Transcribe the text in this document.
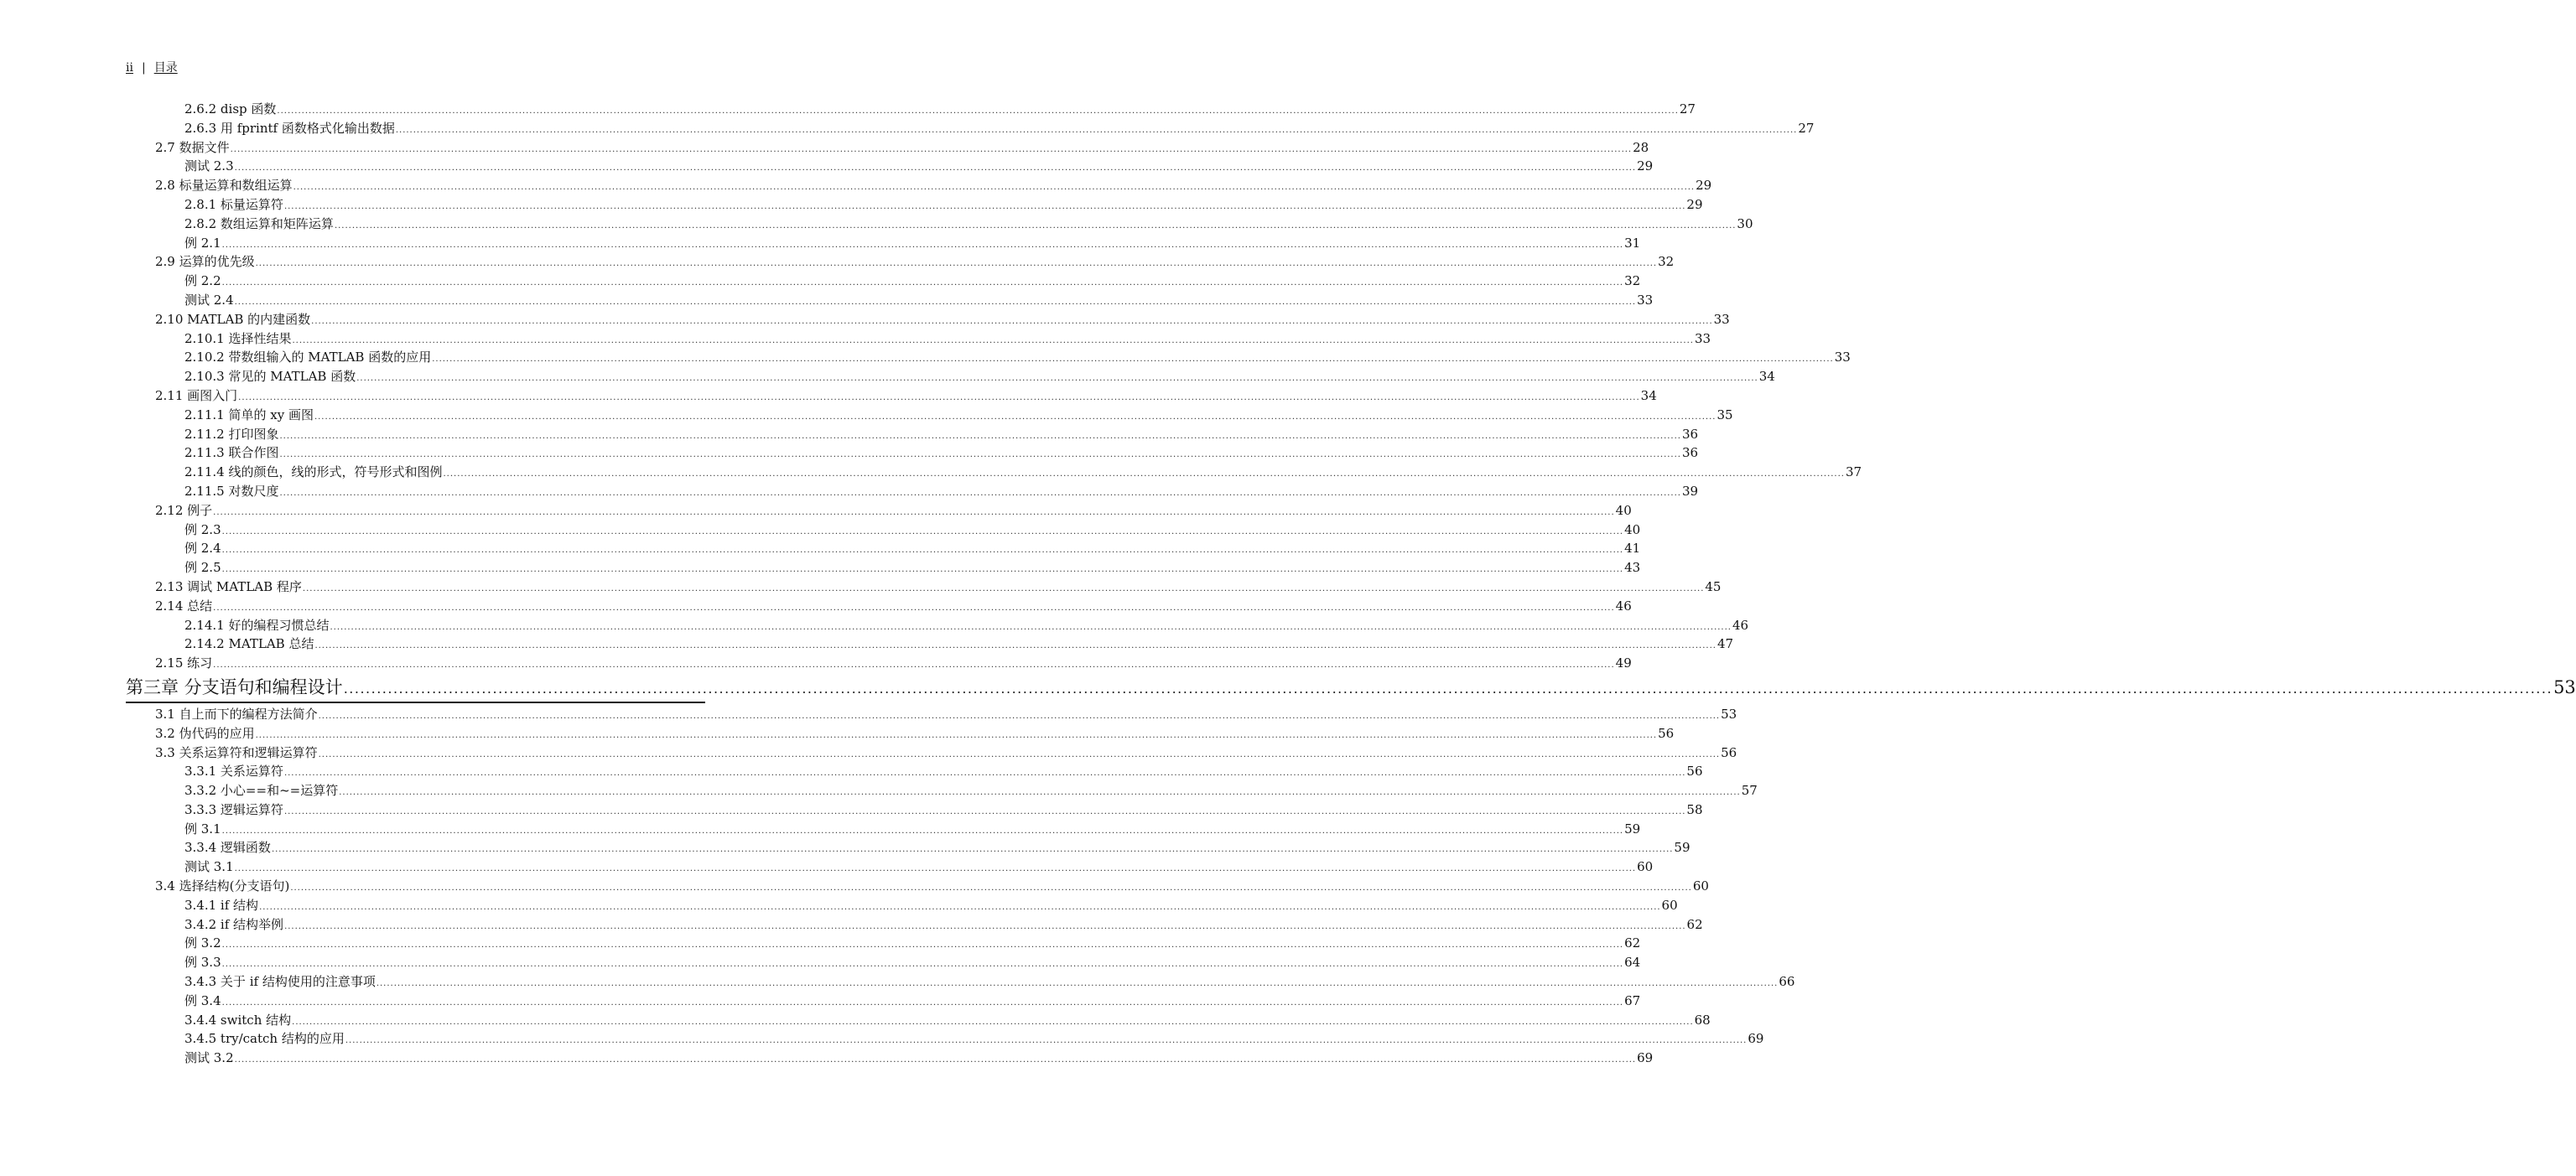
ii | 目录
2.6.2 disp 函数 ................................................................................................................................................................................................................................................................................................................................................................................................................ 27
2.6.3 用 fprintf 函数格式化输出数据 ................................................................................................................................................................................................................................................................................................................................................................................................................ 27
2.7 数据文件 ................................................................................................................................................................................................................................................................................................................................................................................................................ 28
测试 2.3 ................................................................................................................................................................................................................................................................................................................................................................................................................ 29
2.8 标量运算和数组运算 ................................................................................................................................................................................................................................................................................................................................................................................................................ 29
2.8.1 标量运算符 ................................................................................................................................................................................................................................................................................................................................................................................................................ 29
2.8.2 数组运算和矩阵运算 ................................................................................................................................................................................................................................................................................................................................................................................................................ 30
例 2.1 ................................................................................................................................................................................................................................................................................................................................................................................................................ 31
2.9 运算的优先级 ................................................................................................................................................................................................................................................................................................................................................................................................................ 32
例 2.2 ................................................................................................................................................................................................................................................................................................................................................................................................................ 32
测试 2.4 ................................................................................................................................................................................................................................................................................................................................................................................................................ 33
2.10 MATLAB 的内建函数 ................................................................................................................................................................................................................................................................................................................................................................................................................ 33
2.10.1 选择性结果 ................................................................................................................................................................................................................................................................................................................................................................................................................ 33
2.10.2 带数组输入的 MATLAB 函数的应用 ................................................................................................................................................................................................................................................................................................................................................................................................................ 33
2.10.3 常见的 MATLAB 函数 ................................................................................................................................................................................................................................................................................................................................................................................................................ 34
2.11 画图入门 ................................................................................................................................................................................................................................................................................................................................................................................................................ 34
2.11.1 简单的 xy 画图 ................................................................................................................................................................................................................................................................................................................................................................................................................ 35
2.11.2 打印图象 ................................................................................................................................................................................................................................................................................................................................................................................................................ 36
2.11.3 联合作图 ................................................................................................................................................................................................................................................................................................................................................................................................................ 36
2.11.4 线的颜色，线的形式，符号形式和图例 ................................................................................................................................................................................................................................................................................................................................................................................................................ 37
2.11.5 对数尺度 ................................................................................................................................................................................................................................................................................................................................................................................................................ 39
2.12 例子 ................................................................................................................................................................................................................................................................................................................................................................................................................ 40
例 2.3 ................................................................................................................................................................................................................................................................................................................................................................................................................ 40
例 2.4 ................................................................................................................................................................................................................................................................................................................................................................................................................ 41
例 2.5 ................................................................................................................................................................................................................................................................................................................................................................................................................ 43
2.13 调试 MATLAB 程序 ................................................................................................................................................................................................................................................................................................................................................................................................................ 45
2.14 总结 ................................................................................................................................................................................................................................................................................................................................................................................................................ 46
2.14.1 好的编程习惯总结 ................................................................................................................................................................................................................................................................................................................................................................................................................ 46
2.14.2 MATLAB 总结 ................................................................................................................................................................................................................................................................................................................................................................................................................ 47
2.15 练习 ................................................................................................................................................................................................................................................................................................................................................................................................................ 49
第三章 分支语句和编程设计 ................................................................................................................................................................................................................................................................................................................................................................................................................ 53
3.1 自上而下的编程方法简介 ................................................................................................................................................................................................................................................................................................................................................................................................................ 53
3.2 伪代码的应用 ................................................................................................................................................................................................................................................................................................................................................................................................................ 56
3.3 关系运算符和逻辑运算符 ................................................................................................................................................................................................................................................................................................................................................................................................................ 56
3.3.1 关系运算符 ................................................................................................................................................................................................................................................................................................................................................................................................................ 56
3.3.2 小心==和~=运算符 ................................................................................................................................................................................................................................................................................................................................................................................................................ 57
3.3.3 逻辑运算符 ................................................................................................................................................................................................................................................................................................................................................................................................................ 58
例 3.1 ................................................................................................................................................................................................................................................................................................................................................................................................................ 59
3.3.4 逻辑函数 ................................................................................................................................................................................................................................................................................................................................................................................................................ 59
测试 3.1 ................................................................................................................................................................................................................................................................................................................................................................................................................ 60
3.4 选择结构(分支语句) ................................................................................................................................................................................................................................................................................................................................................................................................................ 60
3.4.1 if 结构 ................................................................................................................................................................................................................................................................................................................................................................................................................ 60
3.4.2 if 结构举例 ................................................................................................................................................................................................................................................................................................................................................................................................................ 62
例 3.2 ................................................................................................................................................................................................................................................................................................................................................................................................................ 62
例 3.3 ................................................................................................................................................................................................................................................................................................................................................................................................................ 64
3.4.3 关于 if 结构使用的注意事项 ................................................................................................................................................................................................................................................................................................................................................................................................................ 66
例 3.4 ................................................................................................................................................................................................................................................................................................................................................................................................................ 67
3.4.4 switch 结构 ................................................................................................................................................................................................................................................................................................................................................................................................................ 68
3.4.5 try/catch 结构的应用 ................................................................................................................................................................................................................................................................................................................................................................................................................ 69
测试 3.2 ................................................................................................................................................................................................................................................................................................................................................................................................................ 69
